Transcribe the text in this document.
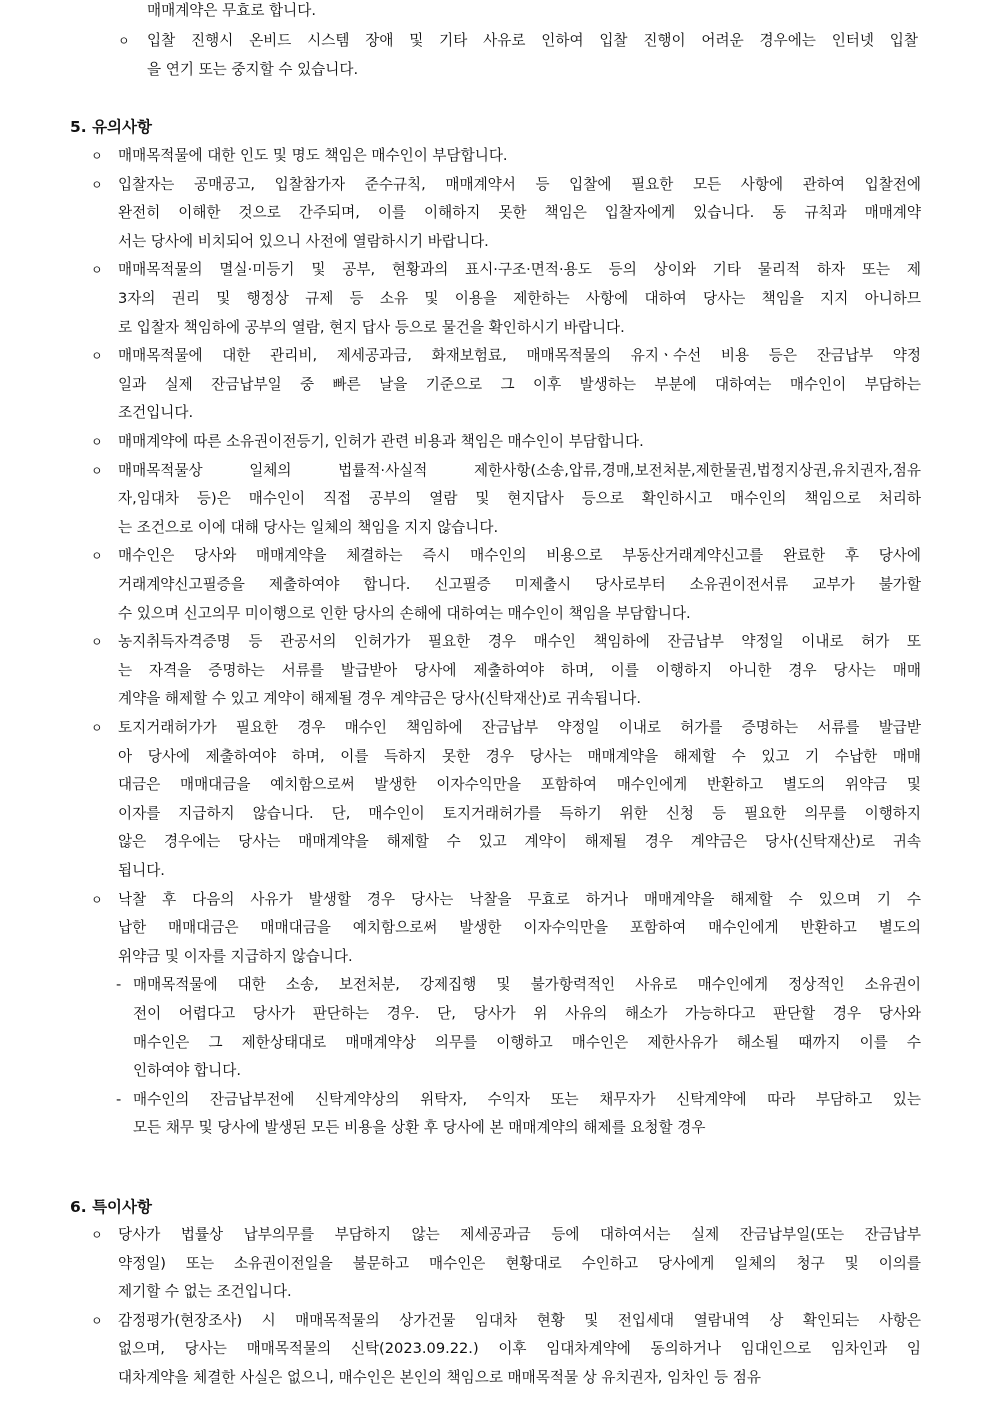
매매계약은 무효로 합니다.
ㅇ 입찰 진행시 온비드 시스템 장애 및 기타 사유로 인하여 입찰 진행이 어려운 경우에는 인터넷 입찰
을 연기 또는 중지할 수 있습니다.
5. 유의사항
ㅇ 매매목적물에 대한 인도 및 명도 책임은 매수인이 부담합니다.
ㅇ 입찰자는 공매공고, 입찰참가자 준수규칙, 매매계약서 등 입찰에 필요한 모든 사항에 관하여 입찰전에
완전히 이해한 것으로 간주되며, 이를 이해하지 못한 책임은 입찰자에게 있습니다. 동 규칙과 매매계약
서는 당사에 비치되어 있으니 사전에 열람하시기 바랍니다.
ㅇ 매매목적물의 멸실·미등기 및 공부, 현황과의 표시·구조·면적·용도 등의 상이와 기타 물리적 하자 또는 제
3자의 권리 및 행정상 규제 등 소유 및 이용을 제한하는 사항에 대하여 당사는 책임을 지지 아니하므
로 입찰자 책임하에 공부의 열람, 현지 답사 등으로 물건을 확인하시기 바랍니다.
ㅇ 매매목적물에 대한 관리비, 제세공과금, 화재보험료, 매매목적물의 유지ㆍ수선 비용 등은 잔금납부 약정
일과 실제 잔금납부일 중 빠른 날을 기준으로 그 이후 발생하는 부분에 대하여는 매수인이 부담하는
조건입니다.
ㅇ 매매계약에 따른 소유권이전등기, 인허가 관련 비용과 책임은 매수인이 부담합니다.
ㅇ 매매목적물상 일체의 법률적·사실적 제한사항(소송,압류,경매,보전처분,제한물권,법정지상권,유치권자,점유
자,임대차 등)은 매수인이 직접 공부의 열람 및 현지답사 등으로 확인하시고 매수인의 책임으로 처리하
는 조건으로 이에 대해 당사는 일체의 책임을 지지 않습니다.
ㅇ 매수인은 당사와 매매계약을 체결하는 즉시 매수인의 비용으로 부동산거래계약신고를 완료한 후 당사에
거래계약신고필증을 제출하여야 합니다. 신고필증 미제출시 당사로부터 소유권이전서류 교부가 불가할
수 있으며 신고의무 미이행으로 인한 당사의 손해에 대하여는 매수인이 책임을 부담합니다.
ㅇ 농지취득자격증명 등 관공서의 인허가가 필요한 경우 매수인 책임하에 잔금납부 약정일 이내로 허가 또
는 자격을 증명하는 서류를 발급받아 당사에 제출하여야 하며, 이를 이행하지 아니한 경우 당사는 매매
계약을 해제할 수 있고 계약이 해제될 경우 계약금은 당사(신탁재산)로 귀속됩니다.
ㅇ 토지거래허가가 필요한 경우 매수인 책임하에 잔금납부 약정일 이내로 허가를 증명하는 서류를 발급받
아 당사에 제출하여야 하며, 이를 득하지 못한 경우 당사는 매매계약을 해제할 수 있고 기 수납한 매매
대금은 매매대금을 예치함으로써 발생한 이자수익만을 포함하여 매수인에게 반환하고 별도의 위약금 및
이자를 지급하지 않습니다. 단, 매수인이 토지거래허가를 득하기 위한 신청 등 필요한 의무를 이행하지
않은 경우에는 당사는 매매계약을 해제할 수 있고 계약이 해제될 경우 계약금은 당사(신탁재산)로 귀속
됩니다.
ㅇ 낙찰 후 다음의 사유가 발생할 경우 당사는 낙찰을 무효로 하거나 매매계약을 해제할 수 있으며 기 수
납한 매매대금은 매매대금을 예치함으로써 발생한 이자수익만을 포함하여 매수인에게 반환하고 별도의
위약금 및 이자를 지급하지 않습니다.
- 매매목적물에 대한 소송, 보전처분, 강제집행 및 불가항력적인 사유로 매수인에게 정상적인 소유권이
전이 어렵다고 당사가 판단하는 경우. 단, 당사가 위 사유의 해소가 가능하다고 판단할 경우 당사와
매수인은 그 제한상태대로 매매계약상 의무를 이행하고 매수인은 제한사유가 해소될 때까지 이를 수
인하여야 합니다.
- 매수인의 잔금납부전에 신탁계약상의 위탁자, 수익자 또는 채무자가 신탁계약에 따라 부담하고 있는
모든 채무 및 당사에 발생된 모든 비용을 상환 후 당사에 본 매매계약의 해제를 요청할 경우
6. 특이사항
ㅇ 당사가 법률상 납부의무를 부담하지 않는 제세공과금 등에 대하여서는 실제 잔금납부일(또는 잔금납부
약정일) 또는 소유권이전일을 불문하고 매수인은 현황대로 수인하고 당사에게 일체의 청구 및 이의를
제기할 수 없는 조건입니다.
ㅇ 감정평가(현장조사) 시 매매목적물의 상가건물 임대차 현황 및 전입세대 열람내역 상 확인되는 사항은
없으며, 당사는 매매목적물의 신탁(2023.09.22.) 이후 임대차계약에 동의하거나 임대인으로 임차인과 임
대차계약을 체결한 사실은 없으니, 매수인은 본인의 책임으로 매매목적물 상 유치권자, 임차인 등 점유
